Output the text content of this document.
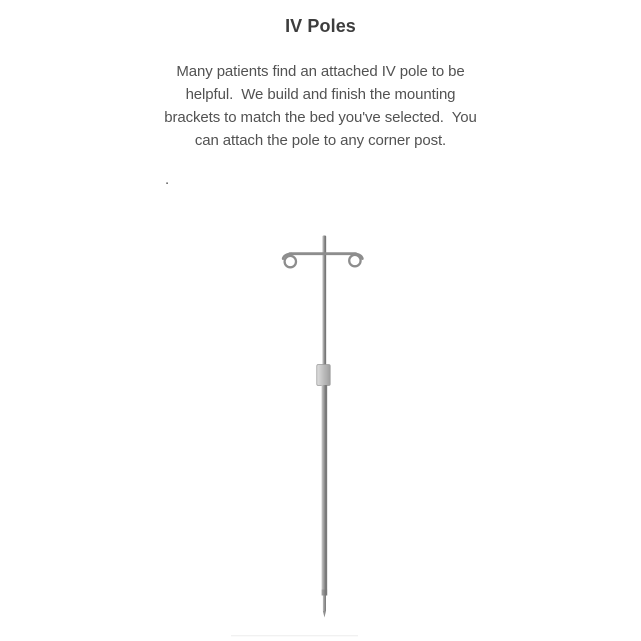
IV Poles
Many patients find an attached IV pole to be
helpful.  We build and finish the mounting
brackets to match the bed you've selected.  You
can attach the pole to any corner post.
.
